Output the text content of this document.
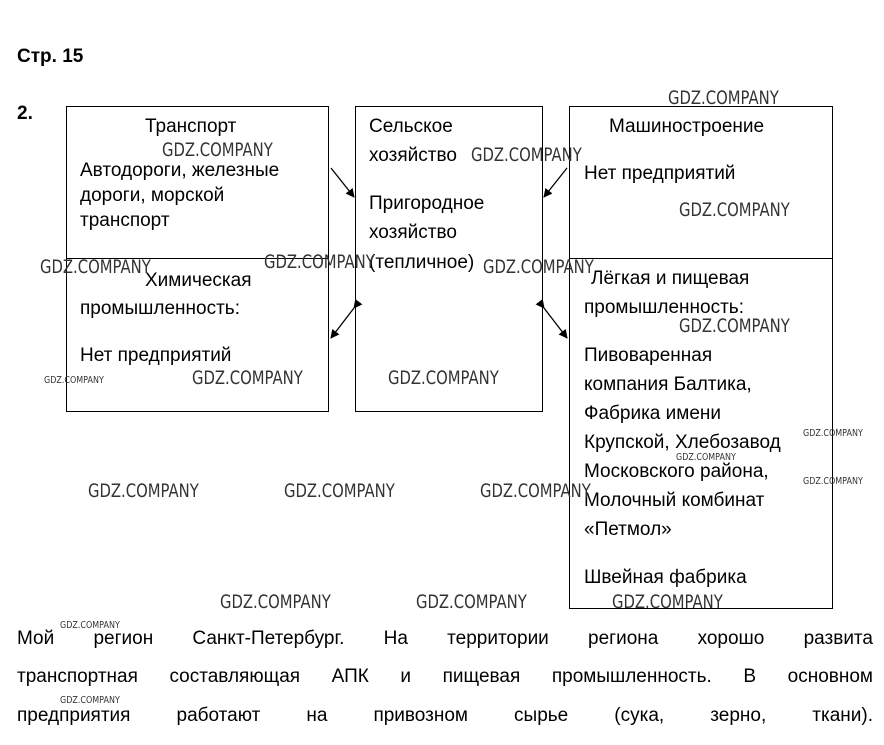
Стр. 15
2.
Транспорт
Автодороги, железные
дороги, морской
транспорт
Химическая
промышленность:
Нет предприятий
Сельское
хозяйство
Пригородное
хозяйство
(тепличное)
Машиностроение
Нет предприятий
Лёгкая и пищевая
промышленность:
Пивоваренная
компания Балтика,
Фабрика имени
Крупской, Хлебозавод
Московского района,
Молочный комбинат
«Петмол»
Швейная фабрика
Мой регион Санкт-Петербург. На территории региона хорошо развита
транспортная составляющая АПК и пищевая промышленность. В основном
предприятия работают на привозном сырье (сука, зерно, ткани).
GDZ.COMPANY
GDZ.COMPANY	GDZ.COMPANY
GDZ.COMPANY
GDZ.COMPANY	GDZ.COMPANY	GDZ.COMPANY
GDZ.COMPANY
GDZ.COMPANY	GDZ.COMPANY	GDZ.COMPANY
GDZ.COMPANY
GDZ.COMPANY
GDZ.COMPANY
GDZ.COMPANY	GDZ.COMPANY	GDZ.COMPANY
GDZ.COMPANY	GDZ.COMPANY	GDZ.COMPANY
GDZ.COMPANY
GDZ.COMPANY
